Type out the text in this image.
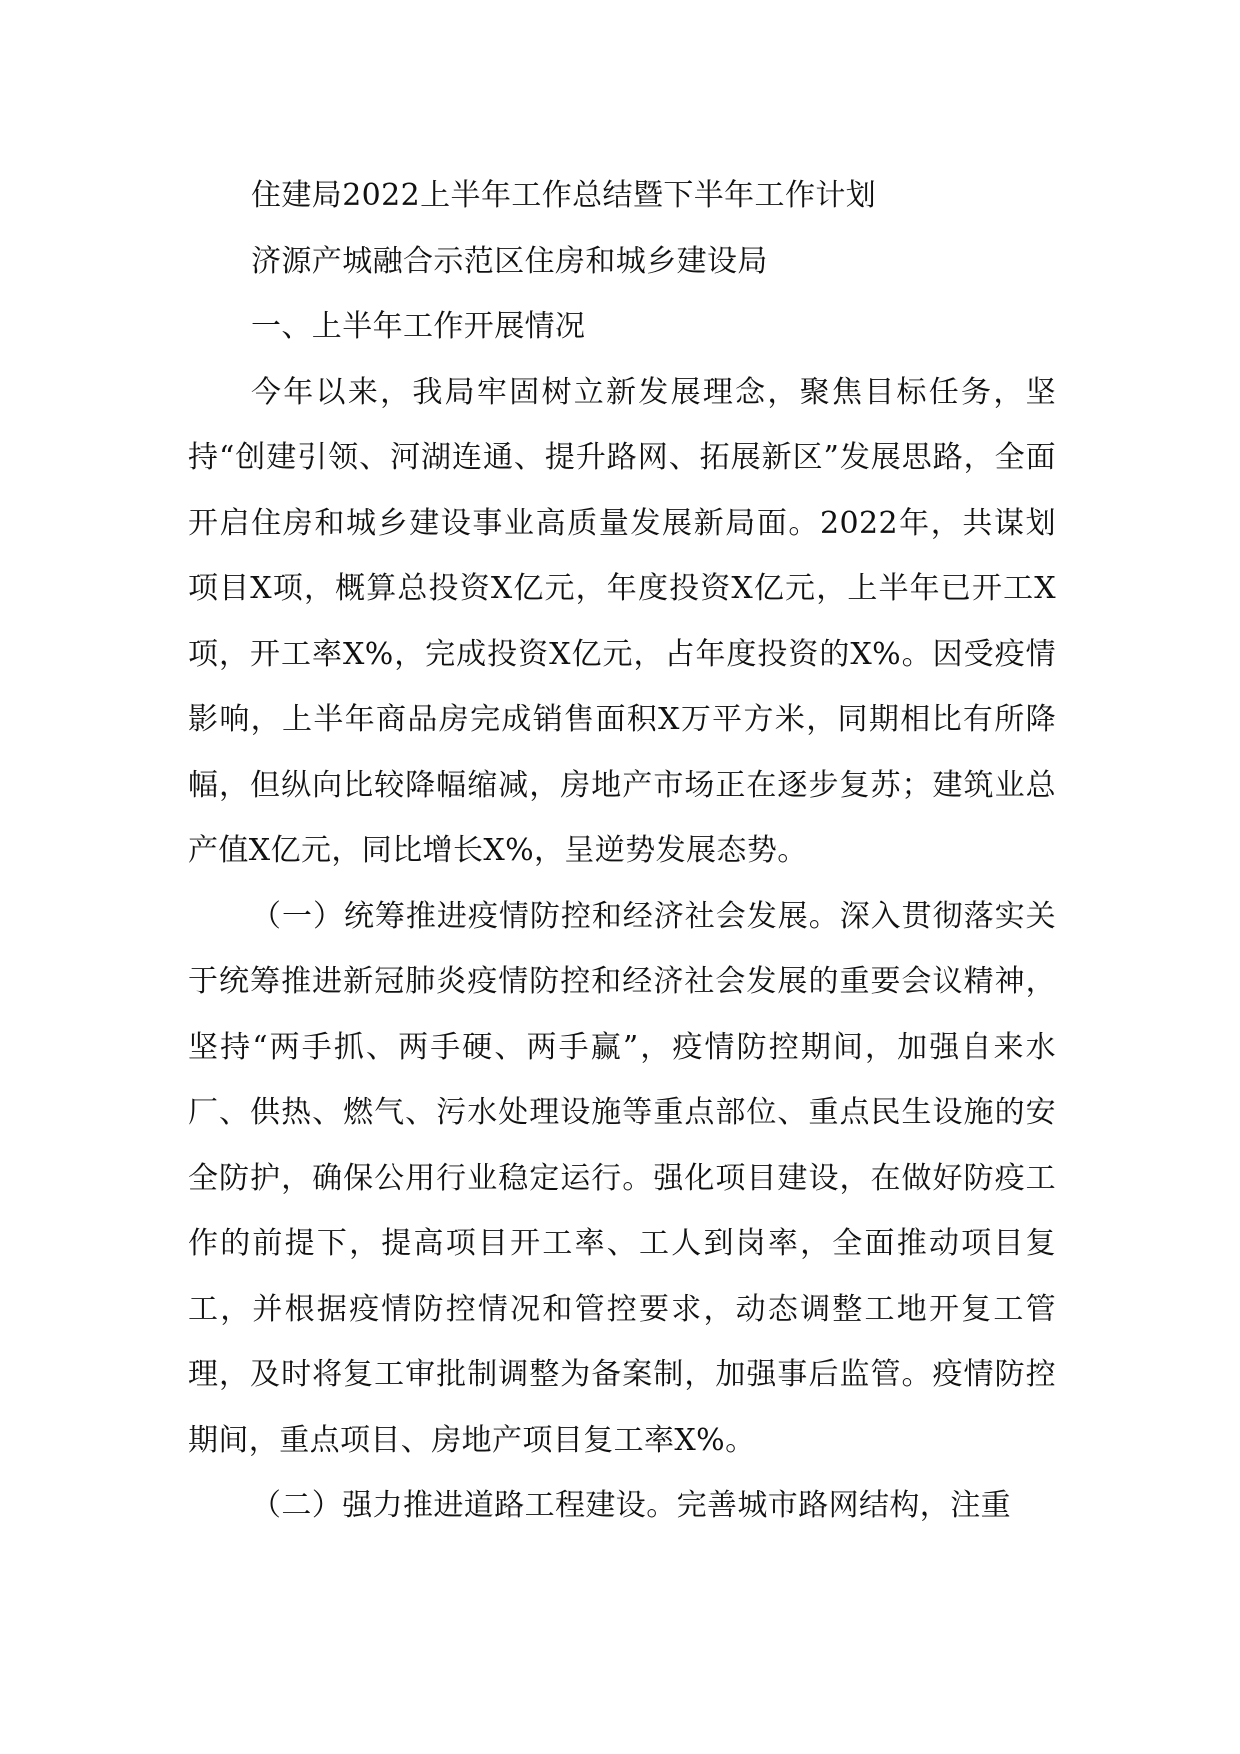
住建局2022上半年工作总结暨下半年工作计划

济源产城融合示范区住房和城乡建设局

一、上半年工作开展情况

今年以来，我局牢固树立新发展理念，聚焦目标任务，坚持“创建引领、河湖连通、提升路网、拓展新区”发展思路，全面开启住房和城乡建设事业高质量发展新局面。2022年，共谋划项目X项，概算总投资X亿元，年度投资X亿元，上半年已开工X项，开工率X%，完成投资X亿元，占年度投资的X%。因受疫情影响，上半年商品房完成销售面积X万平方米，同期相比有所降幅，但纵向比较降幅缩减，房地产市场正在逐步复苏；建筑业总产值X亿元，同比增长X%，呈逆势发展态势。

（一）统筹推进疫情防控和经济社会发展。深入贯彻落实关于统筹推进新冠肺炎疫情防控和经济社会发展的重要会议精神，坚持“两手抓、两手硬、两手赢”，疫情防控期间，加强自来水厂、供热、燃气、污水处理设施等重点部位、重点民生设施的安全防护，确保公用行业稳定运行。强化项目建设，在做好防疫工作的前提下，提高项目开工率、工人到岗率，全面推动项目复工，并根据疫情防控情况和管控要求，动态调整工地开复工管理，及时将复工审批制调整为备案制，加强事后监管。疫情防控期间，重点项目、房地产项目复工率X%。

（二）强力推进道路工程建设。完善城市路网结构，注重
